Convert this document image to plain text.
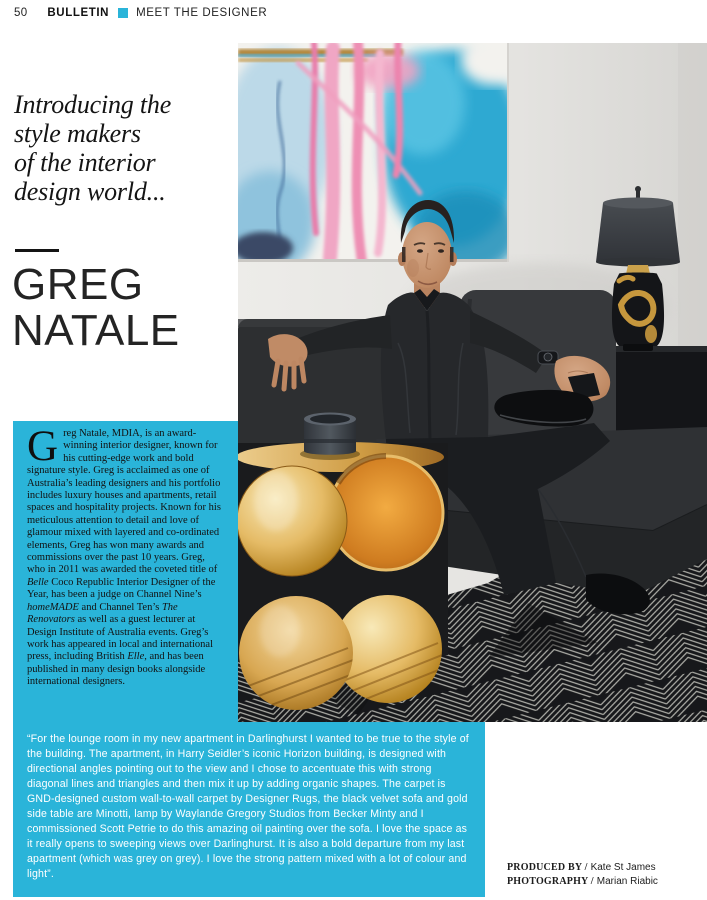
50 BULLETIN MEET THE DESIGNER
Introducing the
style makers
of the interior
design world...
GREG
NATALE
Greg Natale, MDIA, is an award-winning interior designer, known for his cutting-edge work and bold signature style. Greg is acclaimed as one of Australia’s leading designers and his portfolio includes luxury houses and apartments, retail spaces and hospitality projects. Known for his meticulous attention to detail and love of glamour mixed with layered and co-ordinated elements, Greg has won many awards and commissions over the past 10 years. Greg, who in 2011 was awarded the coveted title of Belle Coco Republic Interior Designer of the Year, has been a judge on Channel Nine’s homeMADE and Channel Ten’s The Renovators as well as a guest lecturer at Design Institute of Australia events. Greg’s work has appeared in local and international press, including British Elle, and has been published in many design books alongside international designers.
“For the lounge room in my new apartment in Darlinghurst I wanted to be true to the style of the building. The apartment, in Harry Seidler’s iconic Horizon building, is designed with directional angles pointing out to the view and I chose to accentuate this with strong diagonal lines and triangles and then mix it up by adding organic shapes. The carpet is GND-designed custom wall-to-wall carpet by Designer Rugs, the black velvet sofa and gold side table are Minotti, lamp by Waylande Gregory Studios from Becker Minty and I commissioned Scott Petrie to do this amazing oil painting over the sofa. I love the space as it really opens to sweeping views over Darlinghurst. It is also a bold departure from my last apartment (which was grey on grey). I love the strong pattern mixed with a lot of colour and light”.
PRODUCED BY / Kate St James
PHOTOGRAPHY / Marian Riabic
